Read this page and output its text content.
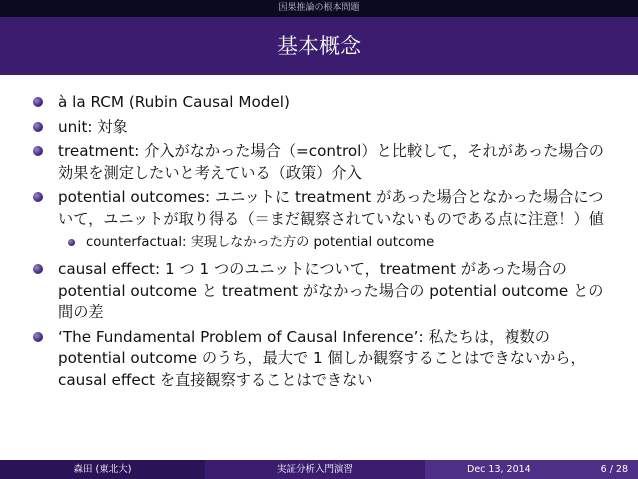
因果推論の根本問題
基本概念
à la RCM (Rubin Causal Model)
unit: 対象
treatment: 介入がなかった場合（=control）と比較して，それがあった場合の効果を測定したいと考えている（政策）介入
potential outcomes: ユニットに treatment があった場合となかった場合について，ユニットが取り得る（＝まだ観察されていないものである点に注意！）値
counterfactual: 実現しなかった方の potential outcome
causal effect: 1 つ 1 つのユニットについて，treatment があった場合の potential outcome と treatment がなかった場合の potential outcome との間の差
‘The Fundamental Problem of Causal Inference’: 私たちは，複数の potential outcome のうち，最大で 1 個しか観察することはできないから，causal effect を直接観察することはできない
森田 (東北大)	実証分析入門演習	Dec 13, 2014	6 / 28
